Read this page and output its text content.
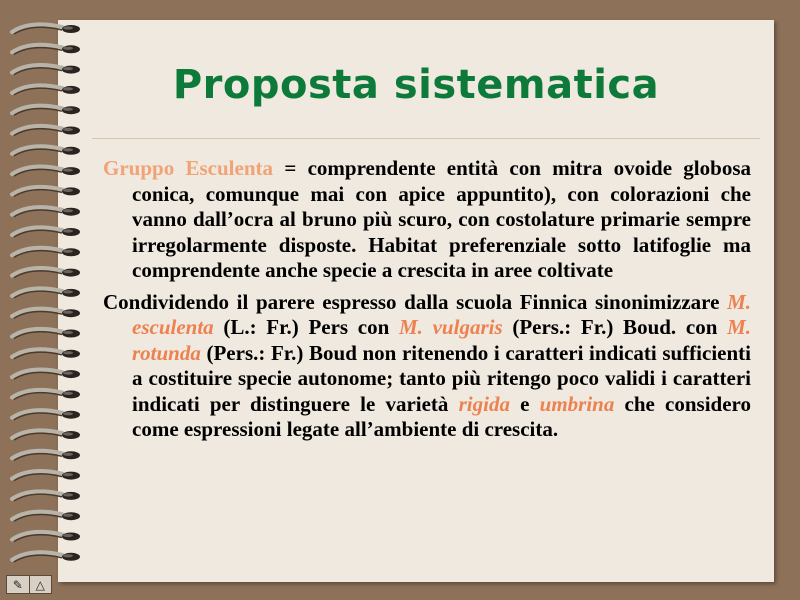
Proposta sistematica

Gruppo Esculenta = comprendente entità con mitra ovoide globosa conica, comunque mai con apice appuntito), con colorazioni che vanno dall’ocra al bruno più scuro, con costolature primarie sempre irregolarmente disposte. Habitat preferenziale sotto latifoglie ma comprendente anche specie a crescita in aree coltivate

Condividendo il parere espresso dalla scuola Finnica sinonimizzare M. esculenta (L.: Fr.) Pers con M. vulgaris (Pers.: Fr.) Boud. con M. rotunda (Pers.: Fr.) Boud non ritenendo i caratteri indicati sufficienti a costituire specie autonome; tanto più ritengo poco validi i caratteri indicati per distinguere le varietà rigida e umbrina che considero come espressioni legate all’ambiente di crescita.

✎	△
